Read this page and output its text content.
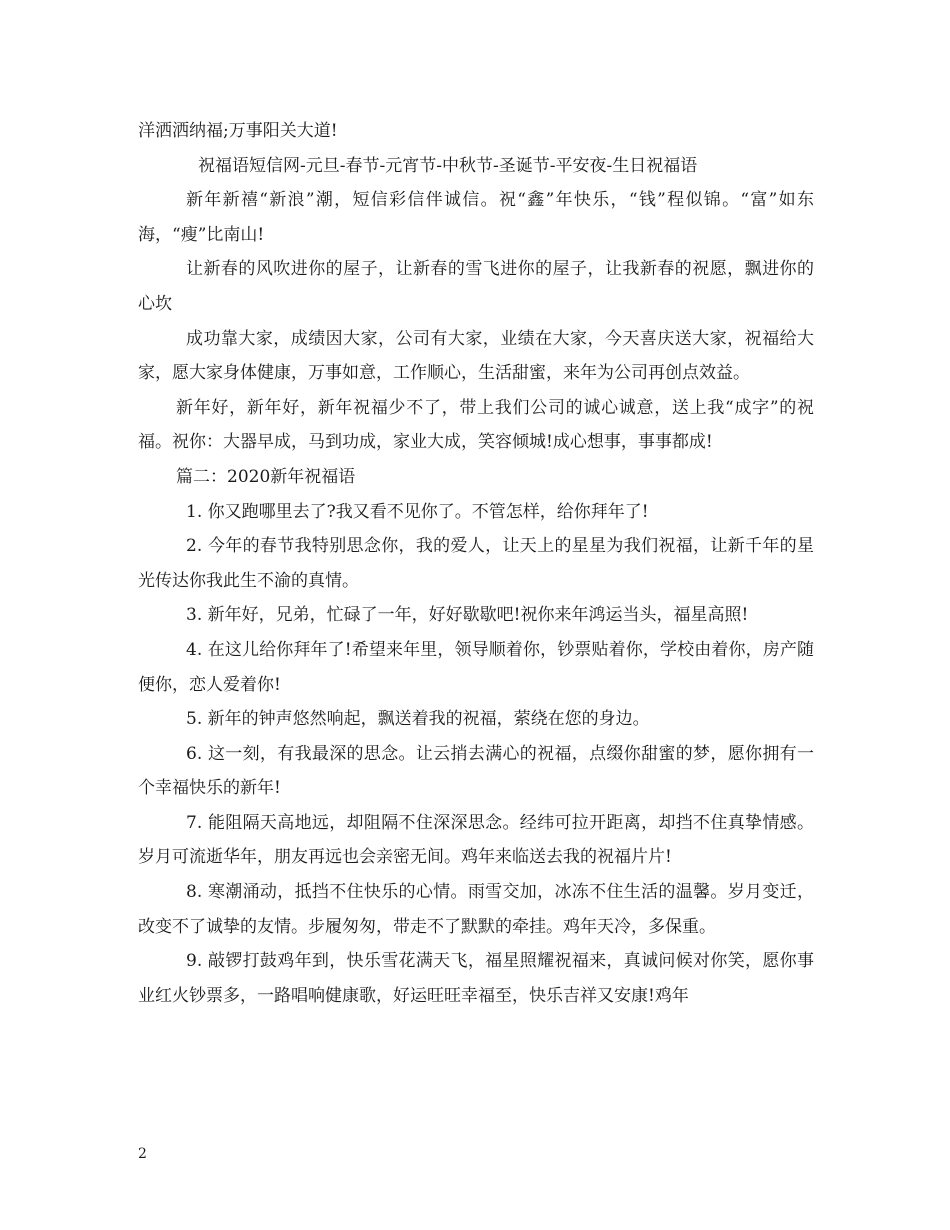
洋洒洒纳福;万事阳关大道!

祝福语短信网-元旦-春节-元宵节-中秋节-圣诞节-平安夜-生日祝福语

新年新禧“新浪”潮，短信彩信伴诚信。祝“鑫”年快乐，“钱”程似锦。“富”如东海，“瘦”比南山!

让新春的风吹进你的屋子，让新春的雪飞进你的屋子，让我新春的祝愿，飘进你的心坎

成功靠大家，成绩因大家，公司有大家，业绩在大家，今天喜庆送大家，祝福给大家，愿大家身体健康，万事如意，工作顺心，生活甜蜜，来年为公司再创点效益。

新年好，新年好，新年祝福少不了，带上我们公司的诚心诚意，送上我“成字”的祝福。祝你：大器早成，马到功成，家业大成，笑容倾城!成心想事，事事都成!

篇二：2020新年祝福语

1. 你又跑哪里去了?我又看不见你了。不管怎样，给你拜年了!

2. 今年的春节我特别思念你，我的爱人，让天上的星星为我们祝福，让新千年的星光传达你我此生不渝的真情。

3. 新年好，兄弟，忙碌了一年，好好歇歇吧!祝你来年鸿运当头，福星高照!

4. 在这儿给你拜年了!希望来年里，领导顺着你，钞票贴着你，学校由着你，房产随便你，恋人爱着你!

5. 新年的钟声悠然响起，飘送着我的祝福，萦绕在您的身边。

6. 这一刻，有我最深的思念。让云捎去满心的祝福，点缀你甜蜜的梦，愿你拥有一个幸福快乐的新年!

7. 能阻隔天高地远，却阻隔不住深深思念。经纬可拉开距离，却挡不住真挚情感。岁月可流逝华年，朋友再远也会亲密无间。鸡年来临送去我的祝福片片!

8. 寒潮涌动，抵挡不住快乐的心情。雨雪交加，冰冻不住生活的温馨。岁月变迁，改变不了诚挚的友情。步履匆匆，带走不了默默的牵挂。鸡年天冷，多保重。

9. 敲锣打鼓鸡年到，快乐雪花满天飞，福星照耀祝福来，真诚问候对你笑，愿你事业红火钞票多，一路唱响健康歌，好运旺旺幸福至，快乐吉祥又安康!鸡年

2
